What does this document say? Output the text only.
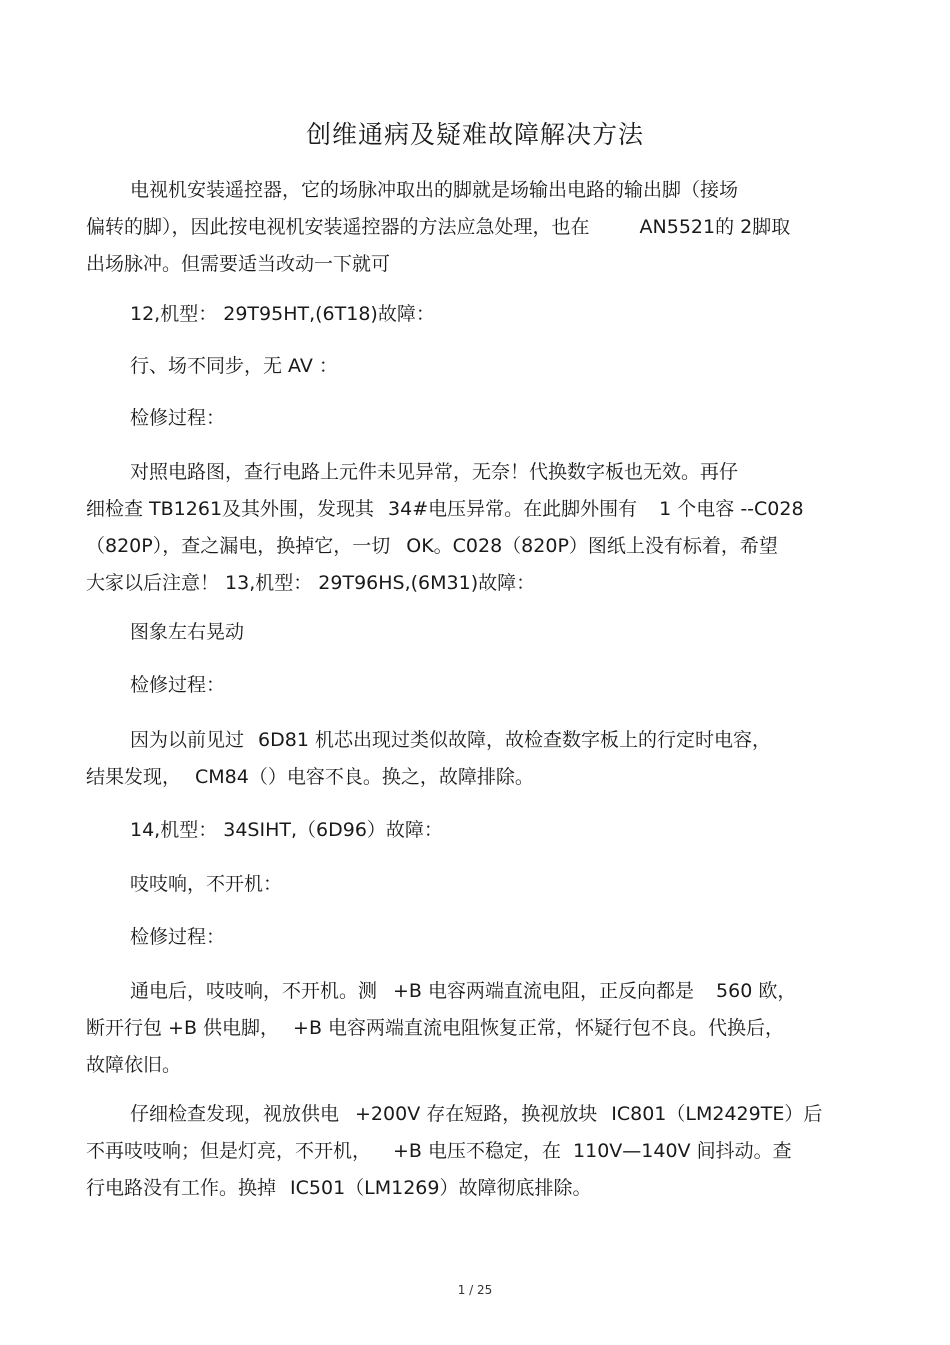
创维通病及疑难故障解决方法
电视机安装遥控器，它的场脉冲取出的脚就是场输出电路的输出脚（接场
偏转的脚），因此按电视机安装遥控器的方法应急处理，也在	AN5521的 2脚取
出场脉冲。但需要适当改动一下就可
12,机型： 29T95HT,(6T18)故障：
行、场不同步，无 AV ：
检修过程：
对照电路图，查行电路上元件未见异常，无奈！代换数字板也无效。再仔
细检查 TB1261及其外围，发现其 34#电压异常。在此脚外围有 1 个电容 --C028
（820P），查之漏电，换掉它，一切 OK。C028（820P）图纸上没有标着，希望
大家以后注意！ 13,机型： 29T96HS,(6M31)故障：
图象左右晃动
检修过程：
因为以前见过 6D81 机芯出现过类似故障，故检查数字板上的行定时电容，
结果发现， CM84（）电容不良。换之，故障排除。
14,机型： 34SIHT,（6D96）故障：
吱吱响，不开机：
检修过程：
通电后，吱吱响，不开机。测 +B 电容两端直流电阻，正反向都是 560 欧，
断开行包 +B 供电脚， +B 电容两端直流电阻恢复正常，怀疑行包不良。代换后，
故障依旧。
仔细检查发现，视放供电 +200V 存在短路，换视放块 IC801（LM2429TE）后
不再吱吱响；但是灯亮，不开机， +B 电压不稳定，在 110V—140V 间抖动。查
行电路没有工作。换掉 IC501（LM1269）故障彻底排除。
1 / 25
